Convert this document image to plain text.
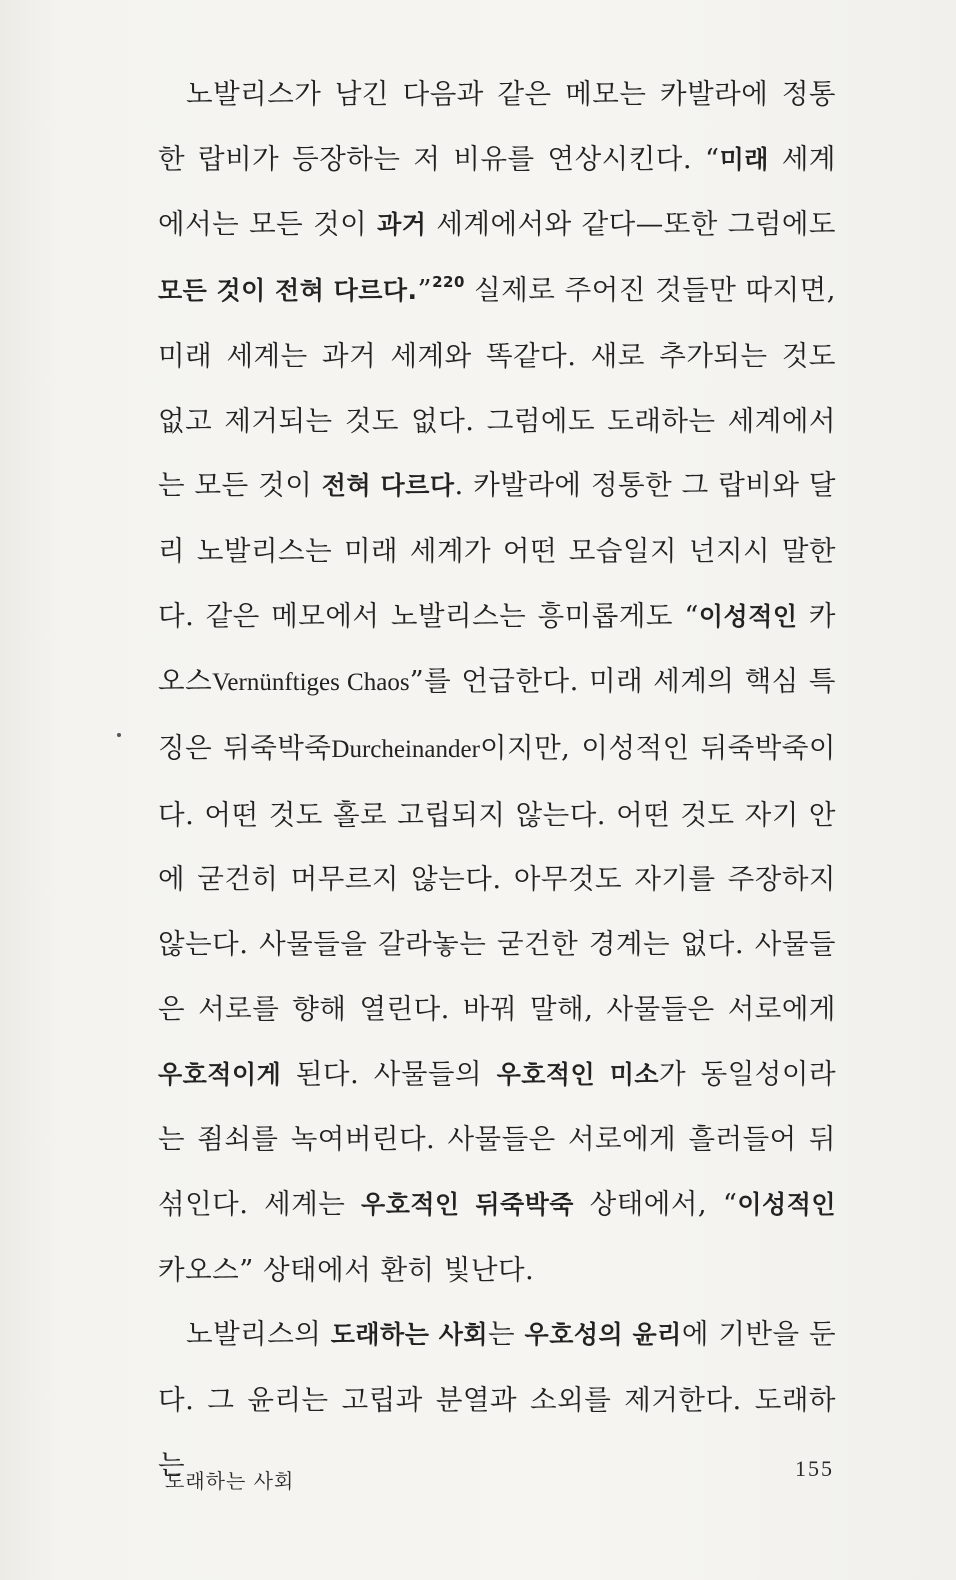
노발리스가 남긴 다음과 같은 메모는 카발라에 정통한 랍비가 등장하는 저 비유를 연상시킨다. “미래 세계에서는 모든 것이 과거 세계에서와 같다—또한 그럼에도 모든 것이 전혀 다르다.”$^{220}$ 실제로 주어진 것들만 따지면, 미래 세계는 과거 세계와 똑같다. 새로 추가되는 것도 없고 제거되는 것도 없다. 그럼에도 도래하는 세계에서는 모든 것이 전혀 다르다. 카발라에 정통한 그 랍비와 달리 노발리스는 미래 세계가 어떤 모습일지 넌지시 말한다. 같은 메모에서 노발리스는 흥미롭게도 “이성적인 카오스Vernünftiges Chaos”를 언급한다. 미래 세계의 핵심 특징은 뒤죽박죽Durcheinander이지만, 이성적인 뒤죽박죽이다. 어떤 것도 홀로 고립되지 않는다. 어떤 것도 자기 안에 굳건히 머무르지 않는다. 아무것도 자기를 주장하지 않는다. 사물들을 갈라놓는 굳건한 경계는 없다. 사물들은 서로를 향해 열린다. 바꿔 말해, 사물들은 서로에게 우호적이게 된다. 사물들의 우호적인 미소가 동일성이라는 죔쇠를 녹여버린다. 사물들은 서로에게 흘러들어 뒤섞인다. 세계는 우호적인 뒤죽박죽 상태에서, “이성적인 카오스” 상태에서 환히 빛난다.

노발리스의 도래하는 사회는 우호성의 윤리에 기반을 둔다. 그 윤리는 고립과 분열과 소외를 제거한다. 도래하는

도래하는 사회	155
